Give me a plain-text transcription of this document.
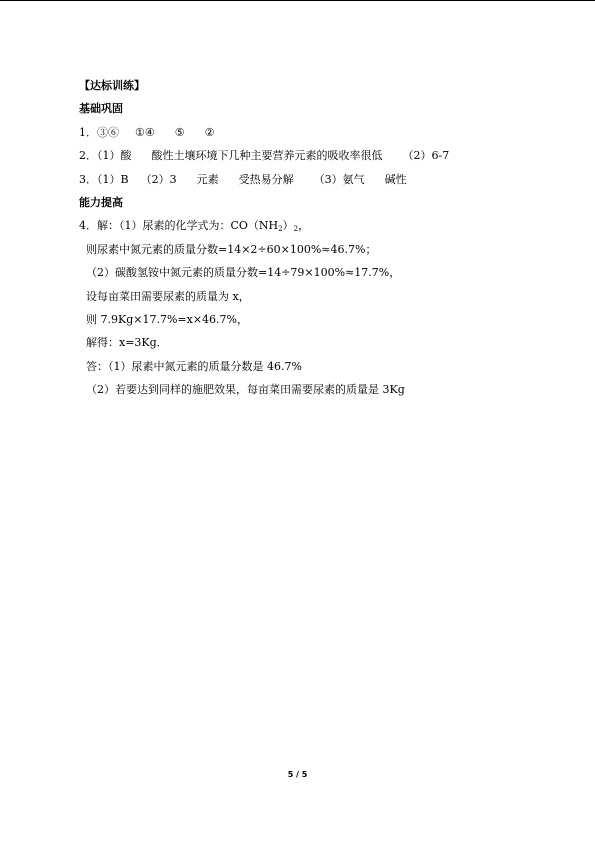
【达标训练】
基础巩固
1．③⑥ ①④ ⑤ ②
2．（1）酸 酸性土壤环境下几种主要营养元素的吸收率很低 （2）6-7
3．（1）B （2）3 元素 受热易分解 （3）氨气 碱性
能力提高
4．解：（1）尿素的化学式为：$CO(NH_2)_2$，
则尿素中氮元素的质量分数=14×2÷60×100%≈46.7%；
（2）碳酸氢铵中氮元素的质量分数=14÷79×100%≈17.7%，
设每亩菜田需要尿素的质量为 x，
则 7.9Kg×17.7%=x×46.7%，
解得：x=3Kg．
答：（1）尿素中氮元素的质量分数是 46.7%
（2）若要达到同样的施肥效果，每亩菜田需要尿素的质量是 3Kg
5 / 5
